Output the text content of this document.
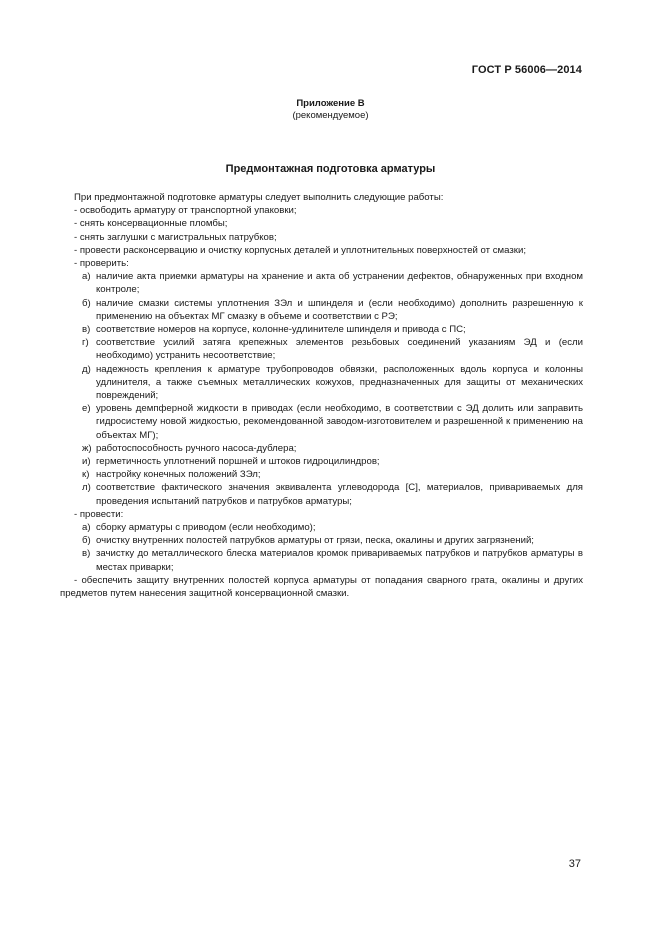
ГОСТ Р 56006—2014
Приложение В
(рекомендуемое)
Предмонтажная подготовка арматуры

При предмонтажной подготовке арматуры следует выполнить следующие работы:

- освободить арматуру от транспортной упаковки;

- снять консервационные пломбы;

- снять заглушки с магистральных патрубков;

- провести расконсервацию и очистку корпусных деталей и уплотнительных поверхностей от смазки;

- проверить:

а) наличие акта приемки арматуры на хранение и акта об устранении дефектов, обнаруженных при входном контроле;
б) наличие смазки системы уплотнения ЗЭл и шпинделя и (если необходимо) дополнить разрешенную к применению на объектах МГ смазку в объеме и соответствии с РЭ;
в) соответствие номеров на корпусе, колонне-удлинителе шпинделя и привода с ПС;
г) соответствие усилий затяга крепежных элементов резьбовых соединений указаниям ЭД и (если необходимо) устранить несоответствие;
д) надежность крепления к арматуре трубопроводов обвязки, расположенных вдоль корпуса и колонны удлинителя, а также съемных металлических кожухов, предназначенных для защиты от механических повреждений;
е) уровень демпферной жидкости в приводах (если необходимо, в соответствии с ЭД долить или заправить гидросистему новой жидкостью, рекомендованной заводом-изготовителем и разрешенной к применению на объектах МГ);
ж) работоспособность ручного насоса-дублера;
и) герметичность уплотнений поршней и штоков гидроцилиндров;
к) настройку конечных положений ЗЭл;
л) соответствие фактического значения эквивалента углеводорода [С], материалов, привариваемых для проведения испытаний патрубков и патрубков арматуры;

- провести:

а) сборку арматуры с приводом (если необходимо);
б) очистку внутренних полостей патрубков арматуры от грязи, песка, окалины и других загрязнений;
в) зачистку до металлического блеска материалов кромок привариваемых патрубков и патрубков арматуры в местах приварки;

- обеспечить защиту внутренних полостей корпуса арматуры от попадания сварного грата, окалины и других предметов путем нанесения защитной консервационной смазки.

37
